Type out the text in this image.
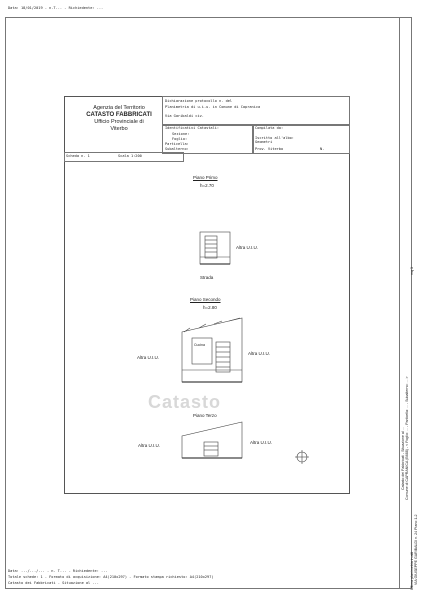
Data: 18/01/2019 - n.T... - Richiedente: ...
Agenzia del Territorio
CATASTO FABBRICATI
Ufficio Provinciale di
Viterbo
Dichiarazione protocollo n. del
Planimetria di u.i.u. in Comune di Capranica
Via Garibaldi civ.
Identificativi Catastali:
Sezione:
Foglio:
Particella:
Subalterno:
Compilata da:
Iscritto all'albo:
Geometri
Prov. Viterbo	N.
Scheda n. 1	Scala 1:200
Piano Primo
h=2.70
Altra U.I.U.
Strada
Piano Secondo
h=2.80
Altra U.I.U.
Altra U.I.U.
Cucina
Piano Terzo
Altra U.I.U.
Altra U.I.U.
Catasto
mq 3
Ultima planimetria in atti
Catasto dei Fabbricati - Situazione al ... Comune di CAPRANICA (B688) - < Foglio: ... - Particella: ... - Subalterno: ... >
VIA GIUSEPPE GARIBALDI n. 24 Piano 1-2
Data: .../.../... - n. T... - Richiedente: ...
Totale schede: 1 - Formato di acquisizione: A4(210x297) - Formato stampa richiesto: A4(210x297)
Catasto dei Fabbricati - Situazione al ...
